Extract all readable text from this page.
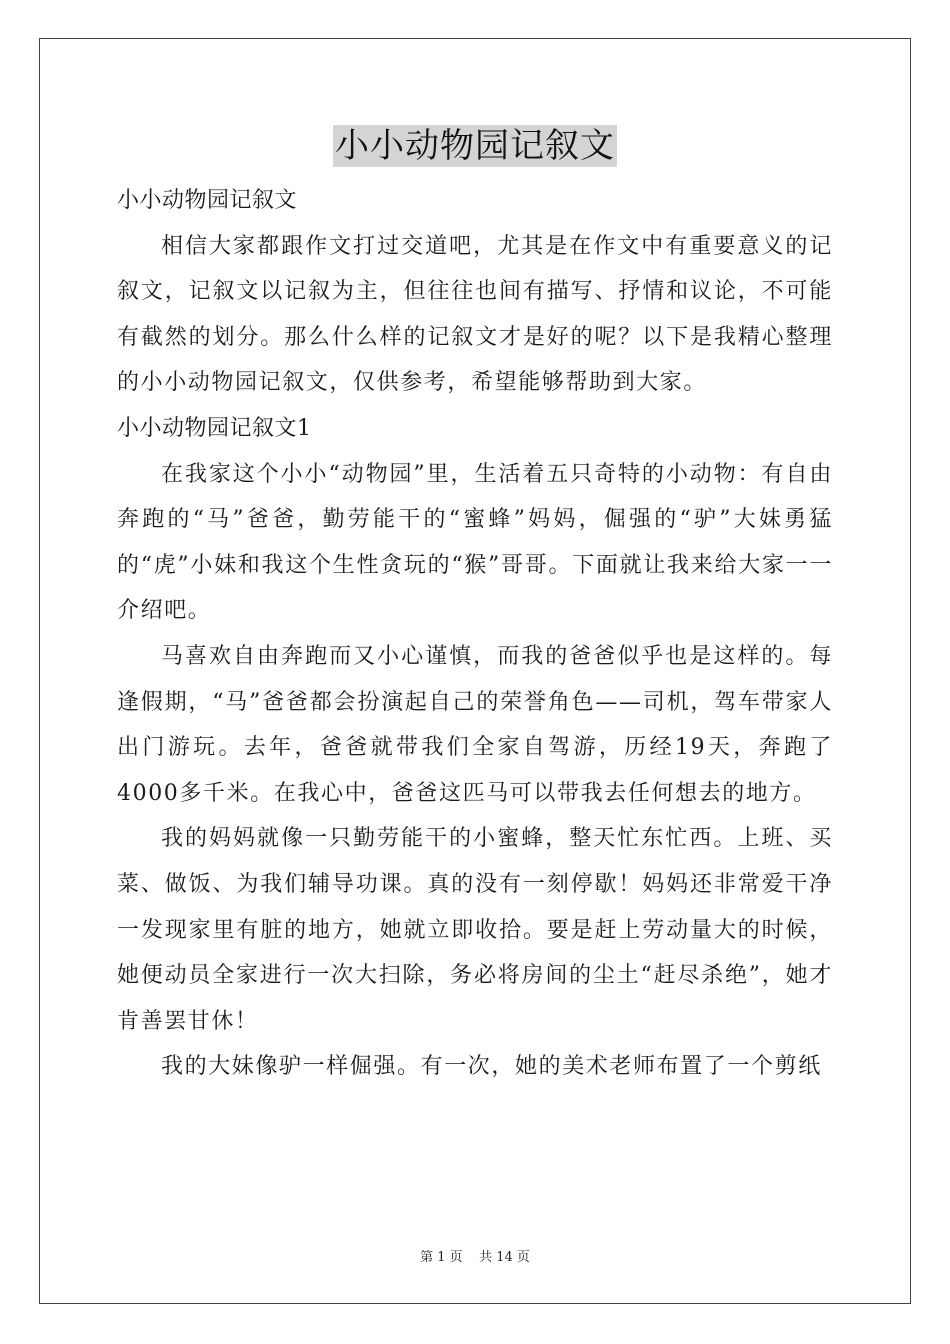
小小动物园记叙文

小小动物园记叙文

相信大家都跟作文打过交道吧，尤其是在作文中有重要意义的记叙文，记叙文以记叙为主，但往往也间有描写、抒情和议论，不可能有截然的划分。那么什么样的记叙文才是好的呢？以下是我精心整理的小小动物园记叙文，仅供参考，希望能够帮助到大家。

小小动物园记叙文1

在我家这个小小“动物园”里，生活着五只奇特的小动物：有自由奔跑的“马”爸爸，勤劳能干的“蜜蜂”妈妈，倔强的“驴”大妹勇猛的“虎”小妹和我这个生性贪玩的“猴”哥哥。下面就让我来给大家一一介绍吧。

马喜欢自由奔跑而又小心谨慎，而我的爸爸似乎也是这样的。每逢假期，“马”爸爸都会扮演起自己的荣誉角色——司机，驾车带家人出门游玩。去年，爸爸就带我们全家自驾游，历经19天，奔跑了4000多千米。在我心中，爸爸这匹马可以带我去任何想去的地方。

我的妈妈就像一只勤劳能干的小蜜蜂，整天忙东忙西。上班、买菜、做饭、为我们辅导功课。真的没有一刻停歇！妈妈还非常爱干净一发现家里有脏的地方，她就立即收拾。要是赶上劳动量大的时候，她便动员全家进行一次大扫除，务必将房间的尘土“赶尽杀绝”，她才肯善罢甘休！

我的大妹像驴一样倔强。有一次，她的美术老师布置了一个剪纸

第 1 页    共 14 页
